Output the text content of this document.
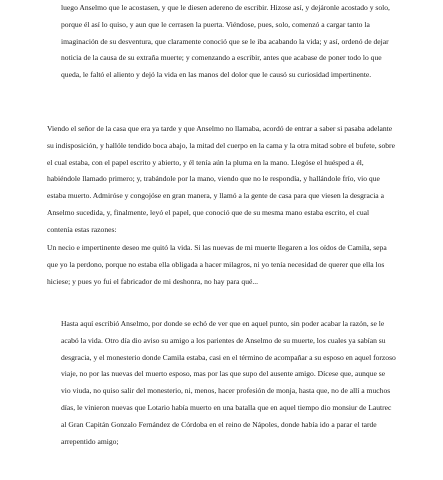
luego Anselmo que le acostasen, y que le diesen adereno de escribir. Hizose así, y dejáronle acostado y solo, porque él así lo quiso, y aun que le cerrasen la puerta. Viéndose, pues, solo, comenzó a cargar tanto la imaginación de su desventura, que claramente conoció que se le iba acabando la vida; y así, ordenó de dejar noticia de la causa de su extraña muerte; y comenzando a escribir, antes que acabase de poner todo lo que queda, le faltó el aliento y dejó la vida en las manos del dolor que le causó su curiosidad impertinente.

Viendo el señor de la casa que era ya tarde y que Anselmo no llamaba, acordó de entrar a saber si pasaba adelante su indisposición, y hallóle tendido boca abajo, la mitad del cuerpo en la cama y la otra mitad sobre el bufete, sobre el cual estaba, con el papel escrito y abierto, y él tenía aún la pluma en la mano. Llegóse el huésped a él, habiéndole llamado primero; y, trabándole por la mano, viendo que no le respondía, y hallándole frío, vio que estaba muerto. Admiróse y congojóse en gran manera, y llamó a la gente de casa para que viesen la desgracia a Anselmo sucedida, y, finalmente, leyó el papel, que conoció que de su mesma mano estaba escrito, el cual contenía estas razones:

Un necio e impertinente deseo me quitó la vida. Si las nuevas de mi muerte llegaren a los oídos de Camila, sepa que yo la perdono, porque no estaba ella obligada a hacer milagros, ni yo tenía necesidad de querer que ella los hiciese; y pues yo fui el fabricador de mi deshonra, no hay para qué...

Hasta aquí escribió Anselmo, por donde se echó de ver que en aquel punto, sin poder acabar la razón, se le acabó la vida. Otro día dio aviso su amigo a los parientes de Anselmo de su muerte, los cuales ya sabían su desgracia, y el monesterio donde Camila estaba, casi en el término de acompañar a su esposo en aquel forzoso viaje, no por las nuevas del muerto esposo, mas por las que supo del ausente amigo. Dícese que, aunque se vio viuda, no quiso salir del monesterio, ni, menos, hacer profesión de monja, hasta que, no de allí a muchos días, le vinieron nuevas que Lotario había muerto en una batalla que en aquel tiempo dio monsiur de Lautrec al Gran Capitán Gonzalo Fernández de Córdoba en el reino de Nápoles, donde había ido a parar el tarde arrepentido amigo;
